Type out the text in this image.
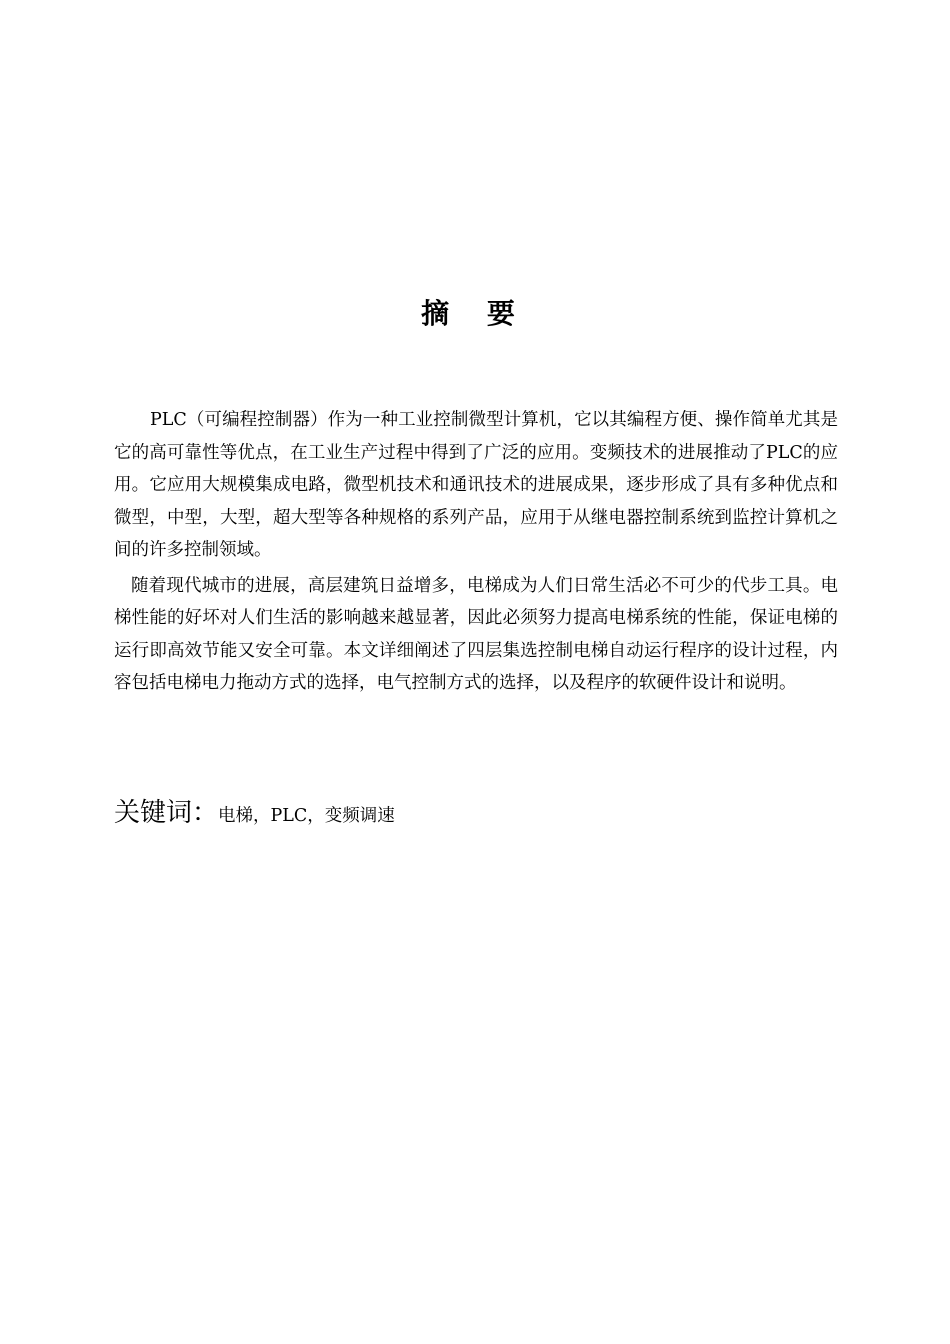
摘 要

PLC（可编程控制器）作为一种工业控制微型计算机，它以其编程方便、操作简单尤其是它的高可靠性等优点，在工业生产过程中得到了广泛的应用。变频技术的进展推动了PLC的应用。它应用大规模集成电路，微型机技术和通讯技术的进展成果，逐步形成了具有多种优点和微型，中型，大型，超大型等各种规格的系列产品，应用于从继电器控制系统到监控计算机之间的许多控制领域。

随着现代城市的进展，高层建筑日益增多，电梯成为人们日常生活必不可少的代步工具。电梯性能的好坏对人们生活的影响越来越显著，因此必须努力提高电梯系统的性能，保证电梯的运行即高效节能又安全可靠。本文详细阐述了四层集选控制电梯自动运行程序的设计过程，内容包括电梯电力拖动方式的选择，电气控制方式的选择，以及程序的软硬件设计和说明。

关键词：电梯，PLC，变频调速
